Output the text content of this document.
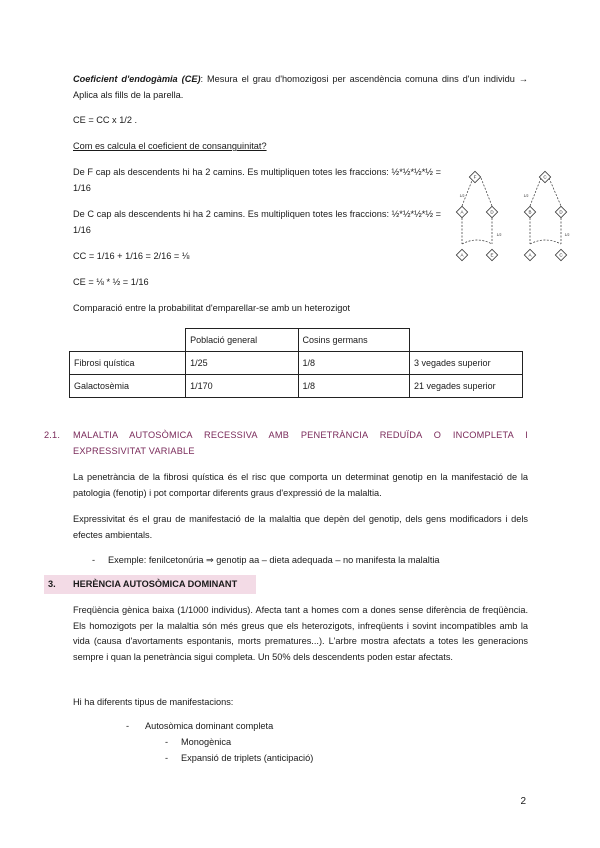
Coeficient d'endogàmia (CE): Mesura el grau d'homozigosi per ascendència comuna dins d'un individu → Aplica als fills de la parella.
CE = CC x 1/2 .
Com es calcula el coeficient de consanguinitat?
De F cap als descendents hi ha 2 camins. Es multipliquen totes les fraccions: ½*½*½*½ = 1/16
De C cap als descendents hi ha 2 camins. Es multipliquen totes les fraccions: ½*½*½*½ = 1/16
CC = 1/16 + 1/16 = 2/16 = ⅛
CE = ⅛ * ½ = 1/16
Comparació entre la probabilitat d'emparellar-se amb un heterozigot
F
A	D
A	E
C
B	D
A	C
1/2
1/2
1/2
1/2
	Població general	Cosins germans	
Fibrosi quística	1/25	1/8	3 vegades superior
Galactosèmia	1/170	1/8	21 vegades superior
2.1. MALALTIA AUTOSÒMICA RECESSIVA AMB PENETRÀNCIA REDUÏDA O INCOMPLETA I EXPRESSIVITAT VARIABLE
La penetrància de la fibrosi quística és el risc que comporta un determinat genotip en la manifestació de la patologia (fenotip) i pot comportar diferents graus d'expressió de la malaltia.
Expressivitat és el grau de manifestació de la malaltia que depèn del genotip, dels gens modificadors i dels efectes ambientals.
- Exemple: fenilcetonúria ⇒ genotip aa – dieta adequada – no manifesta la malaltia
3. HERÈNCIA AUTOSÒMICA DOMINANT
Freqüència gènica baixa (1/1000 individus). Afecta tant a homes com a dones sense diferència de freqüència. Els homozigots per la malaltia són més greus que els heterozigots, infreqüents i sovint incompatibles amb la vida (causa d'avortaments espontanis, morts prematures...). L'arbre mostra afectats a totes les generacions sempre i quan la penetrància sigui completa. Un 50% dels descendents poden estar afectats.
Hi ha diferents tipus de manifestacions:
- Autosòmica dominant completa
- Monogènica
- Expansió de triplets (anticipació)
2
